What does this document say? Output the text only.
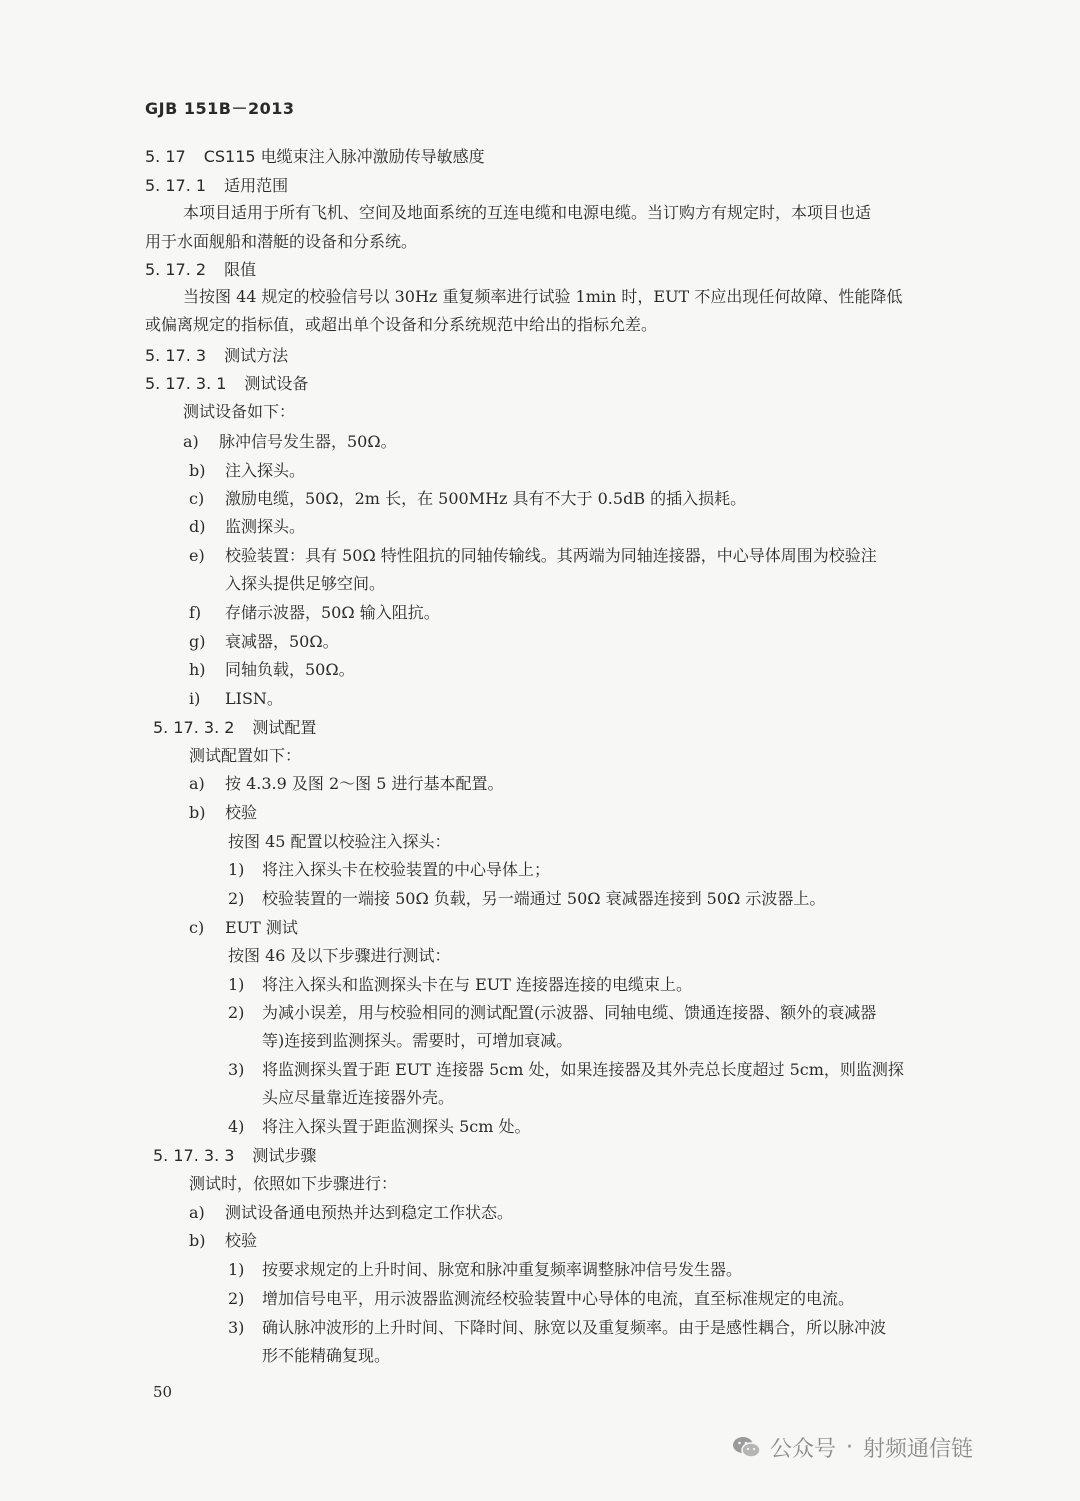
GJB 151B－2013
5. 17 CS115 电缆束注入脉冲激励传导敏感度
5. 17. 1 适用范围
本项目适用于所有飞机、空间及地面系统的互连电缆和电源电缆。当订购方有规定时，本项目也适
用于水面舰船和潜艇的设备和分系统。
5. 17. 2 限值
当按图 44 规定的校验信号以 30Hz 重复频率进行试验 1min 时，EUT 不应出现任何故障、性能降低
或偏离规定的指标值，或超出单个设备和分系统规范中给出的指标允差。
5. 17. 3 测试方法
5. 17. 3. 1 测试设备
测试设备如下：
a) 脉冲信号发生器，50Ω。
b) 注入探头。
c) 激励电缆，50Ω，2m 长，在 500MHz 具有不大于 0.5dB 的插入损耗。
d) 监测探头。
e) 校验装置：具有 50Ω 特性阻抗的同轴传输线。其两端为同轴连接器，中心导体周围为校验注
入探头提供足够空间。
f) 存储示波器，50Ω 输入阻抗。
g) 衰减器，50Ω。
h) 同轴负载，50Ω。
i) LISN。
5. 17. 3. 2 测试配置
测试配置如下：
a) 按 4.3.9 及图 2～图 5 进行基本配置。
b) 校验
按图 45 配置以校验注入探头：
1) 将注入探头卡在校验装置的中心导体上；
2) 校验装置的一端接 50Ω 负载，另一端通过 50Ω 衰减器连接到 50Ω 示波器上。
c) EUT 测试
按图 46 及以下步骤进行测试：
1) 将注入探头和监测探头卡在与 EUT 连接器连接的电缆束上。
2) 为减小误差，用与校验相同的测试配置(示波器、同轴电缆、馈通连接器、额外的衰减器
等)连接到监测探头。需要时，可增加衰减。
3) 将监测探头置于距 EUT 连接器 5cm 处，如果连接器及其外壳总长度超过 5cm，则监测探
头应尽量靠近连接器外壳。
4) 将注入探头置于距监测探头 5cm 处。
5. 17. 3. 3 测试步骤
测试时，依照如下步骤进行：
a) 测试设备通电预热并达到稳定工作状态。
b) 校验
1) 按要求规定的上升时间、脉宽和脉冲重复频率调整脉冲信号发生器。
2) 增加信号电平，用示波器监测流经校验装置中心导体的电流，直至标准规定的电流。
3) 确认脉冲波形的上升时间、下降时间、脉宽以及重复频率。由于是感性耦合，所以脉冲波
形不能精确复现。
50
公众号 · 射频通信链
